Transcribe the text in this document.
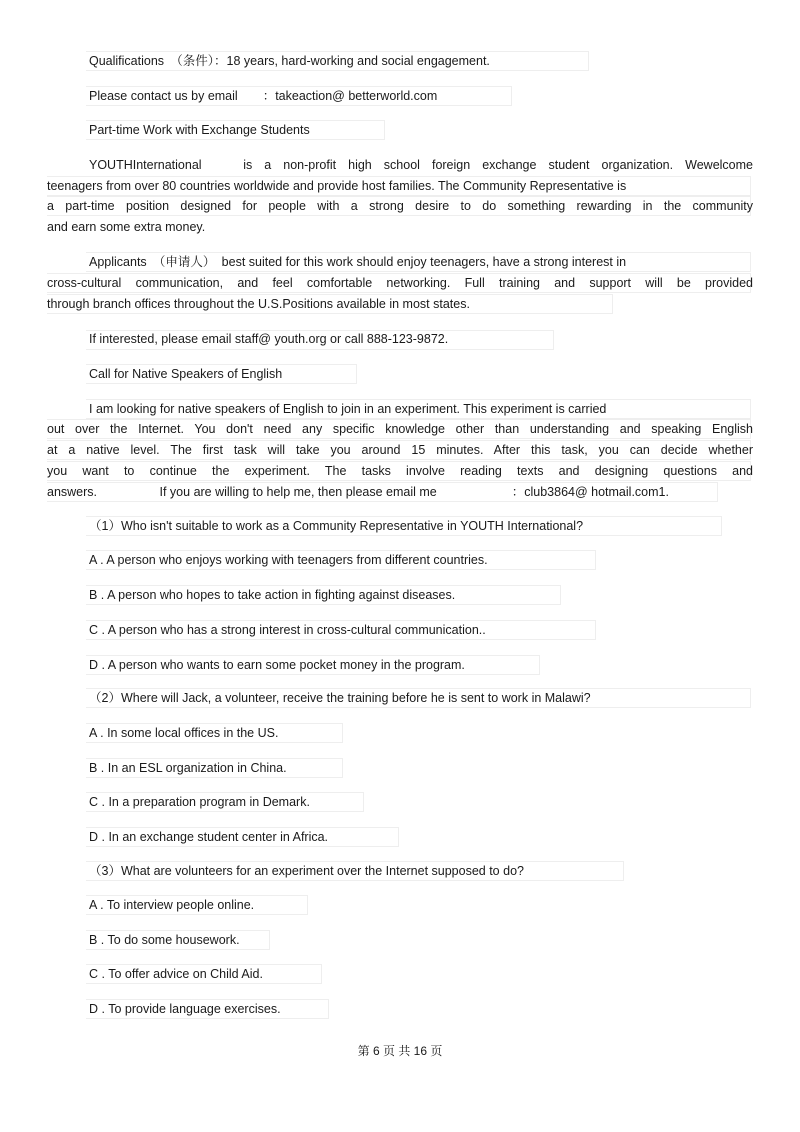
Qualifications　（条件）：18 years, hard-working and social engagement.
Please contact us by email　　：takeaction@ betterworld.com
Part-time Work with Exchange Students
YOUTHInternational　 is a non-profit high school foreign exchange student organization. Wewelcome
teenagers from over 80 countries worldwide and provide host families. The Community Representative is
a part-time position designed for people with a strong desire to do something rewarding in the community
and earn some extra money.
Applicants　（申请人）　best suited for this work should enjoy teenagers, have a strong interest in
cross-cultural communication, and feel comfortable networking. Full training and support will be provided
through branch offices throughout the U.S.Positions available in most states.
If interested, please email staff@ youth.org or call 888-123-9872.
Call for Native Speakers of English
I am looking for native speakers of English to join in an experiment. This experiment is carried
out over the Internet. You don't need any specific knowledge other than understanding and speaking English
at a native level. The first task will take you around 15 minutes. After this task, you can decide whether
you want to continue the experiment. The tasks involve reading texts and designing questions and
answers.　　　　　If you are willing to help me, then please email me　　　　　　：club3864@ hotmail.com1.
（1）Who isn't suitable to work as a Community Representative in YOUTH International?
A . A person who enjoys working with teenagers from different countries.
B . A person who hopes to take action in fighting against diseases.
C . A person who has a strong interest in cross-cultural communication..
D . A person who wants to earn some pocket money in the program.
（2）Where will Jack, a volunteer, receive the training before he is sent to work in Malawi?
A . In some local offices in the US.
B . In an ESL organization in China.
C . In a preparation program in Demark.
D . In an exchange student center in Africa.
（3）What are volunteers for an experiment over the Internet supposed to do?
A . To interview people online.
B . To do some housework.
C . To offer advice on Child Aid.
D . To provide language exercises.
第 6 页 共 16 页
